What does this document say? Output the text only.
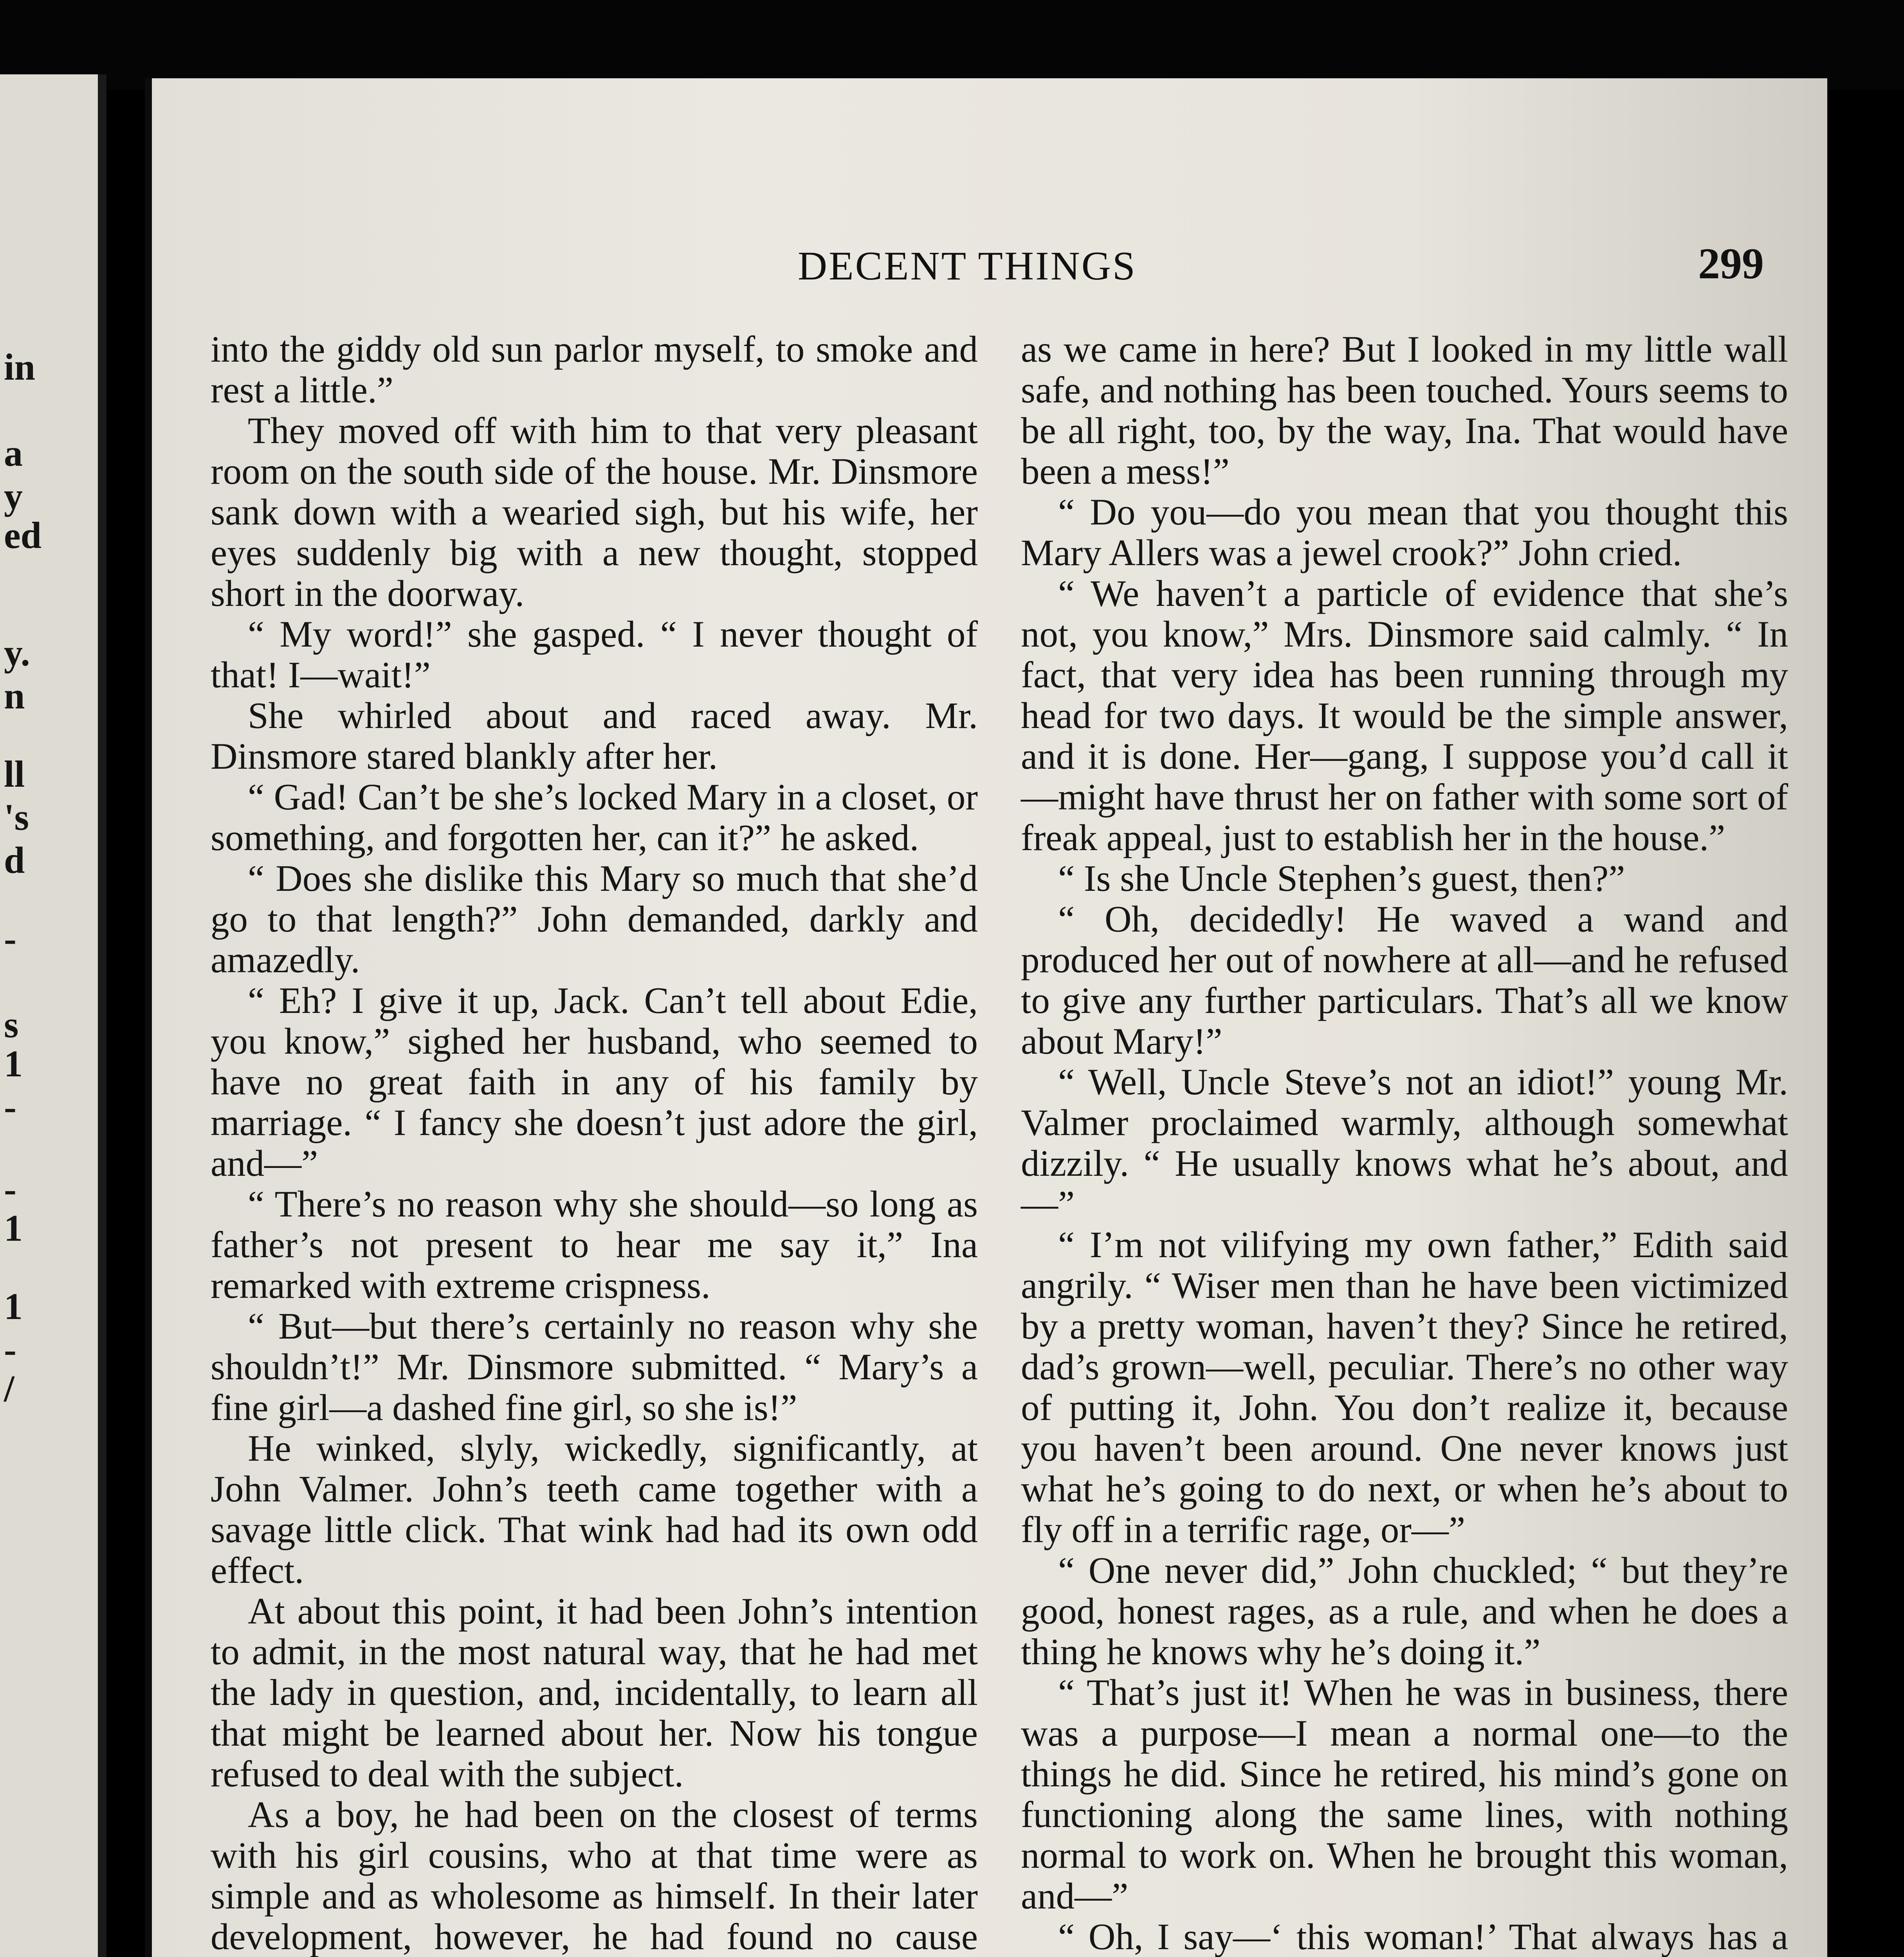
in
a
y
ed
y.
n
ll
's
d
-
s
1
-
-
1
1
-
/
DECENT THINGS	299

into the giddy old sun parlor myself, to smoke and rest a little.”

They moved off with him to that very pleasant room on the south side of the house. Mr. Dinsmore sank down with a wearied sigh, but his wife, her eyes suddenly big with a new thought, stopped short in the doorway.

“ My word!” she gasped. “ I never thought of that! I—wait!”

She whirled about and raced away. Mr. Dinsmore stared blankly after her.

“ Gad! Can’t be she’s locked Mary in a closet, or something, and forgotten her, can it?” he asked.

“ Does she dislike this Mary so much that she’d go to that length?” John demanded, darkly and amazedly.

“ Eh? I give it up, Jack. Can’t tell about Edie, you know,” sighed her husband, who seemed to have no great faith in any of his family by marriage. “ I fancy she doesn’t just adore the girl, and—”

“ There’s no reason why she should—so long as father’s not present to hear me say it,” Ina remarked with extreme crispness.

“ But—but there’s certainly no reason why she shouldn’t!” Mr. Dinsmore submitted. “ Mary’s a fine girl—a dashed fine girl, so she is!”

He winked, slyly, wickedly, significantly, at John Valmer. John’s teeth came together with a savage little click. That wink had had its own odd effect.

At about this point, it had been John’s intention to admit, in the most natural way, that he had met the lady in question, and, incidentally, to learn all that might be learned about her. Now his tongue refused to deal with the subject.

As a boy, he had been on the closest of terms with his girl cousins, who at that time were as simple and as wholesome as himself. In their later development, however, he had found no cause

as we came in here? But I looked in my little wall safe, and nothing has been touched. Yours seems to be all right, too, by the way, Ina. That would have been a mess!”

“ Do you—do you mean that you thought this Mary Allers was a jewel crook?” John cried.

“ We haven’t a particle of evidence that she’s not, you know,” Mrs. Dinsmore said calmly. “ In fact, that very idea has been running through my head for two days. It would be the simple answer, and it is done. Her—gang, I suppose you’d call it —might have thrust her on father with some sort of freak appeal, just to establish her in the house.”

“ Is she Uncle Stephen’s guest, then?”

“ Oh, decidedly! He waved a wand and produced her out of nowhere at all—and he refused to give any further particulars. That’s all we know about Mary!”

“ Well, Uncle Steve’s not an idiot!” young Mr. Valmer proclaimed warmly, although somewhat dizzily. “ He usually knows what he’s about, and—”

“ I’m not vilifying my own father,” Edith said angrily. “ Wiser men than he have been victimized by a pretty woman, haven’t they? Since he retired, dad’s grown—well, peculiar. There’s no other way of putting it, John. You don’t realize it, because you haven’t been around. One never knows just what he’s going to do next, or when he’s about to fly off in a terrific rage, or—”

“ One never did,” John chuckled; “ but they’re good, honest rages, as a rule, and when he does a thing he knows why he’s doing it.”

“ That’s just it! When he was in business, there was a purpose—I mean a normal one—to the things he did. Since he retired, his mind’s gone on functioning along the same lines, with nothing normal to work on. When he brought this woman, and—”

“ Oh, I say—‘ this woman!’ That always has a
